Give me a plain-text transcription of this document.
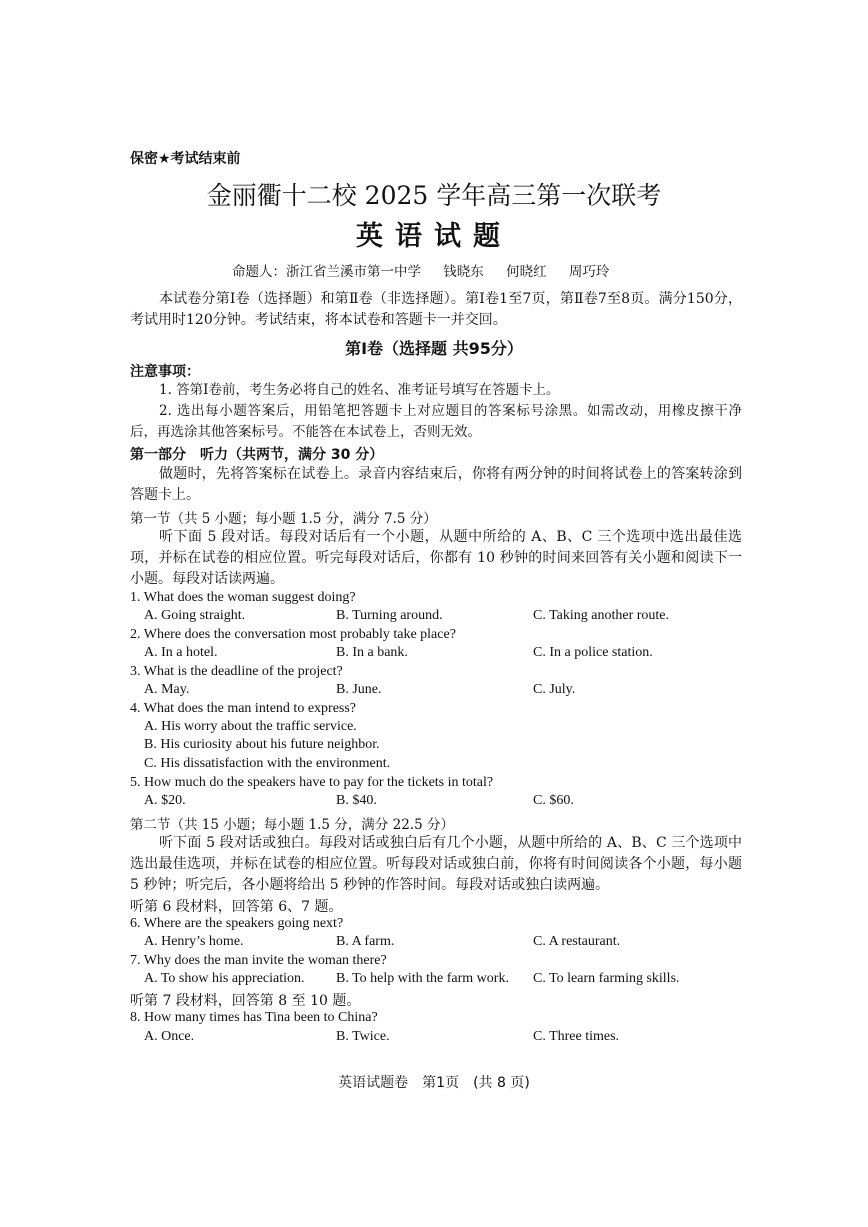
保密★考试结束前
金丽衢十二校 2025 学年高三第一次联考
英语试题
命题人：浙江省兰溪市第一中学 钱晓东 何晓红 周巧玲
本试卷分第Ⅰ卷（选择题）和第Ⅱ卷（非选择题）。第Ⅰ卷1至7页，第Ⅱ卷7至8页。满分150分，考试用时120分钟。考试结束，将本试卷和答题卡一并交回。
第Ⅰ卷（选择题 共95分）
注意事项：
1. 答第Ⅰ卷前，考生务必将自己的姓名、准考证号填写在答题卡上。
2. 选出每小题答案后，用铅笔把答题卡上对应题目的答案标号涂黑。如需改动，用橡皮擦干净后，再选涂其他答案标号。不能答在本试卷上，否则无效。
第一部分　听力（共两节，满分 30 分）
做题时，先将答案标在试卷上。录音内容结束后，你将有两分钟的时间将试卷上的答案转涂到答题卡上。
第一节（共 5 小题；每小题 1.5 分，满分 7.5 分）
听下面 5 段对话。每段对话后有一个小题，从题中所给的 A、B、C 三个选项中选出最佳选项，并标在试卷的相应位置。听完每段对话后，你都有 10 秒钟的时间来回答有关小题和阅读下一小题。每段对话读两遍。
1. What does the woman suggest doing?
A. Going straight.	B. Turning around.	C. Taking another route.
2. Where does the conversation most probably take place?
A. In a hotel.	B. In a bank.	C. In a police station.
3. What is the deadline of the project?
A. May.	B. June.	C. July.
4. What does the man intend to express?
A. His worry about the traffic service.
B. His curiosity about his future neighbor.
C. His dissatisfaction with the environment.
5. How much do the speakers have to pay for the tickets in total?
A. $20.	B. $40.	C. $60.
第二节（共 15 小题；每小题 1.5 分，满分 22.5 分）
听下面 5 段对话或独白。每段对话或独白后有几个小题，从题中所给的 A、B、C 三个选项中选出最佳选项，并标在试卷的相应位置。听每段对话或独白前，你将有时间阅读各个小题，每小题 5 秒钟；听完后，各小题将给出 5 秒钟的作答时间。每段对话或独白读两遍。
听第 6 段材料，回答第 6、7 题。
6. Where are the speakers going next?
A. Henry’s home.	B. A farm.	C. A restaurant.
7. Why does the man invite the woman there?
A. To show his appreciation. B. To help with the farm work. C. To learn farming skills.
听第 7 段材料，回答第 8 至 10 题。
8. How many times has Tina been to China?
A. Once.	B. Twice.	C. Three times.
英语试题卷　第1页　(共 8 页)
